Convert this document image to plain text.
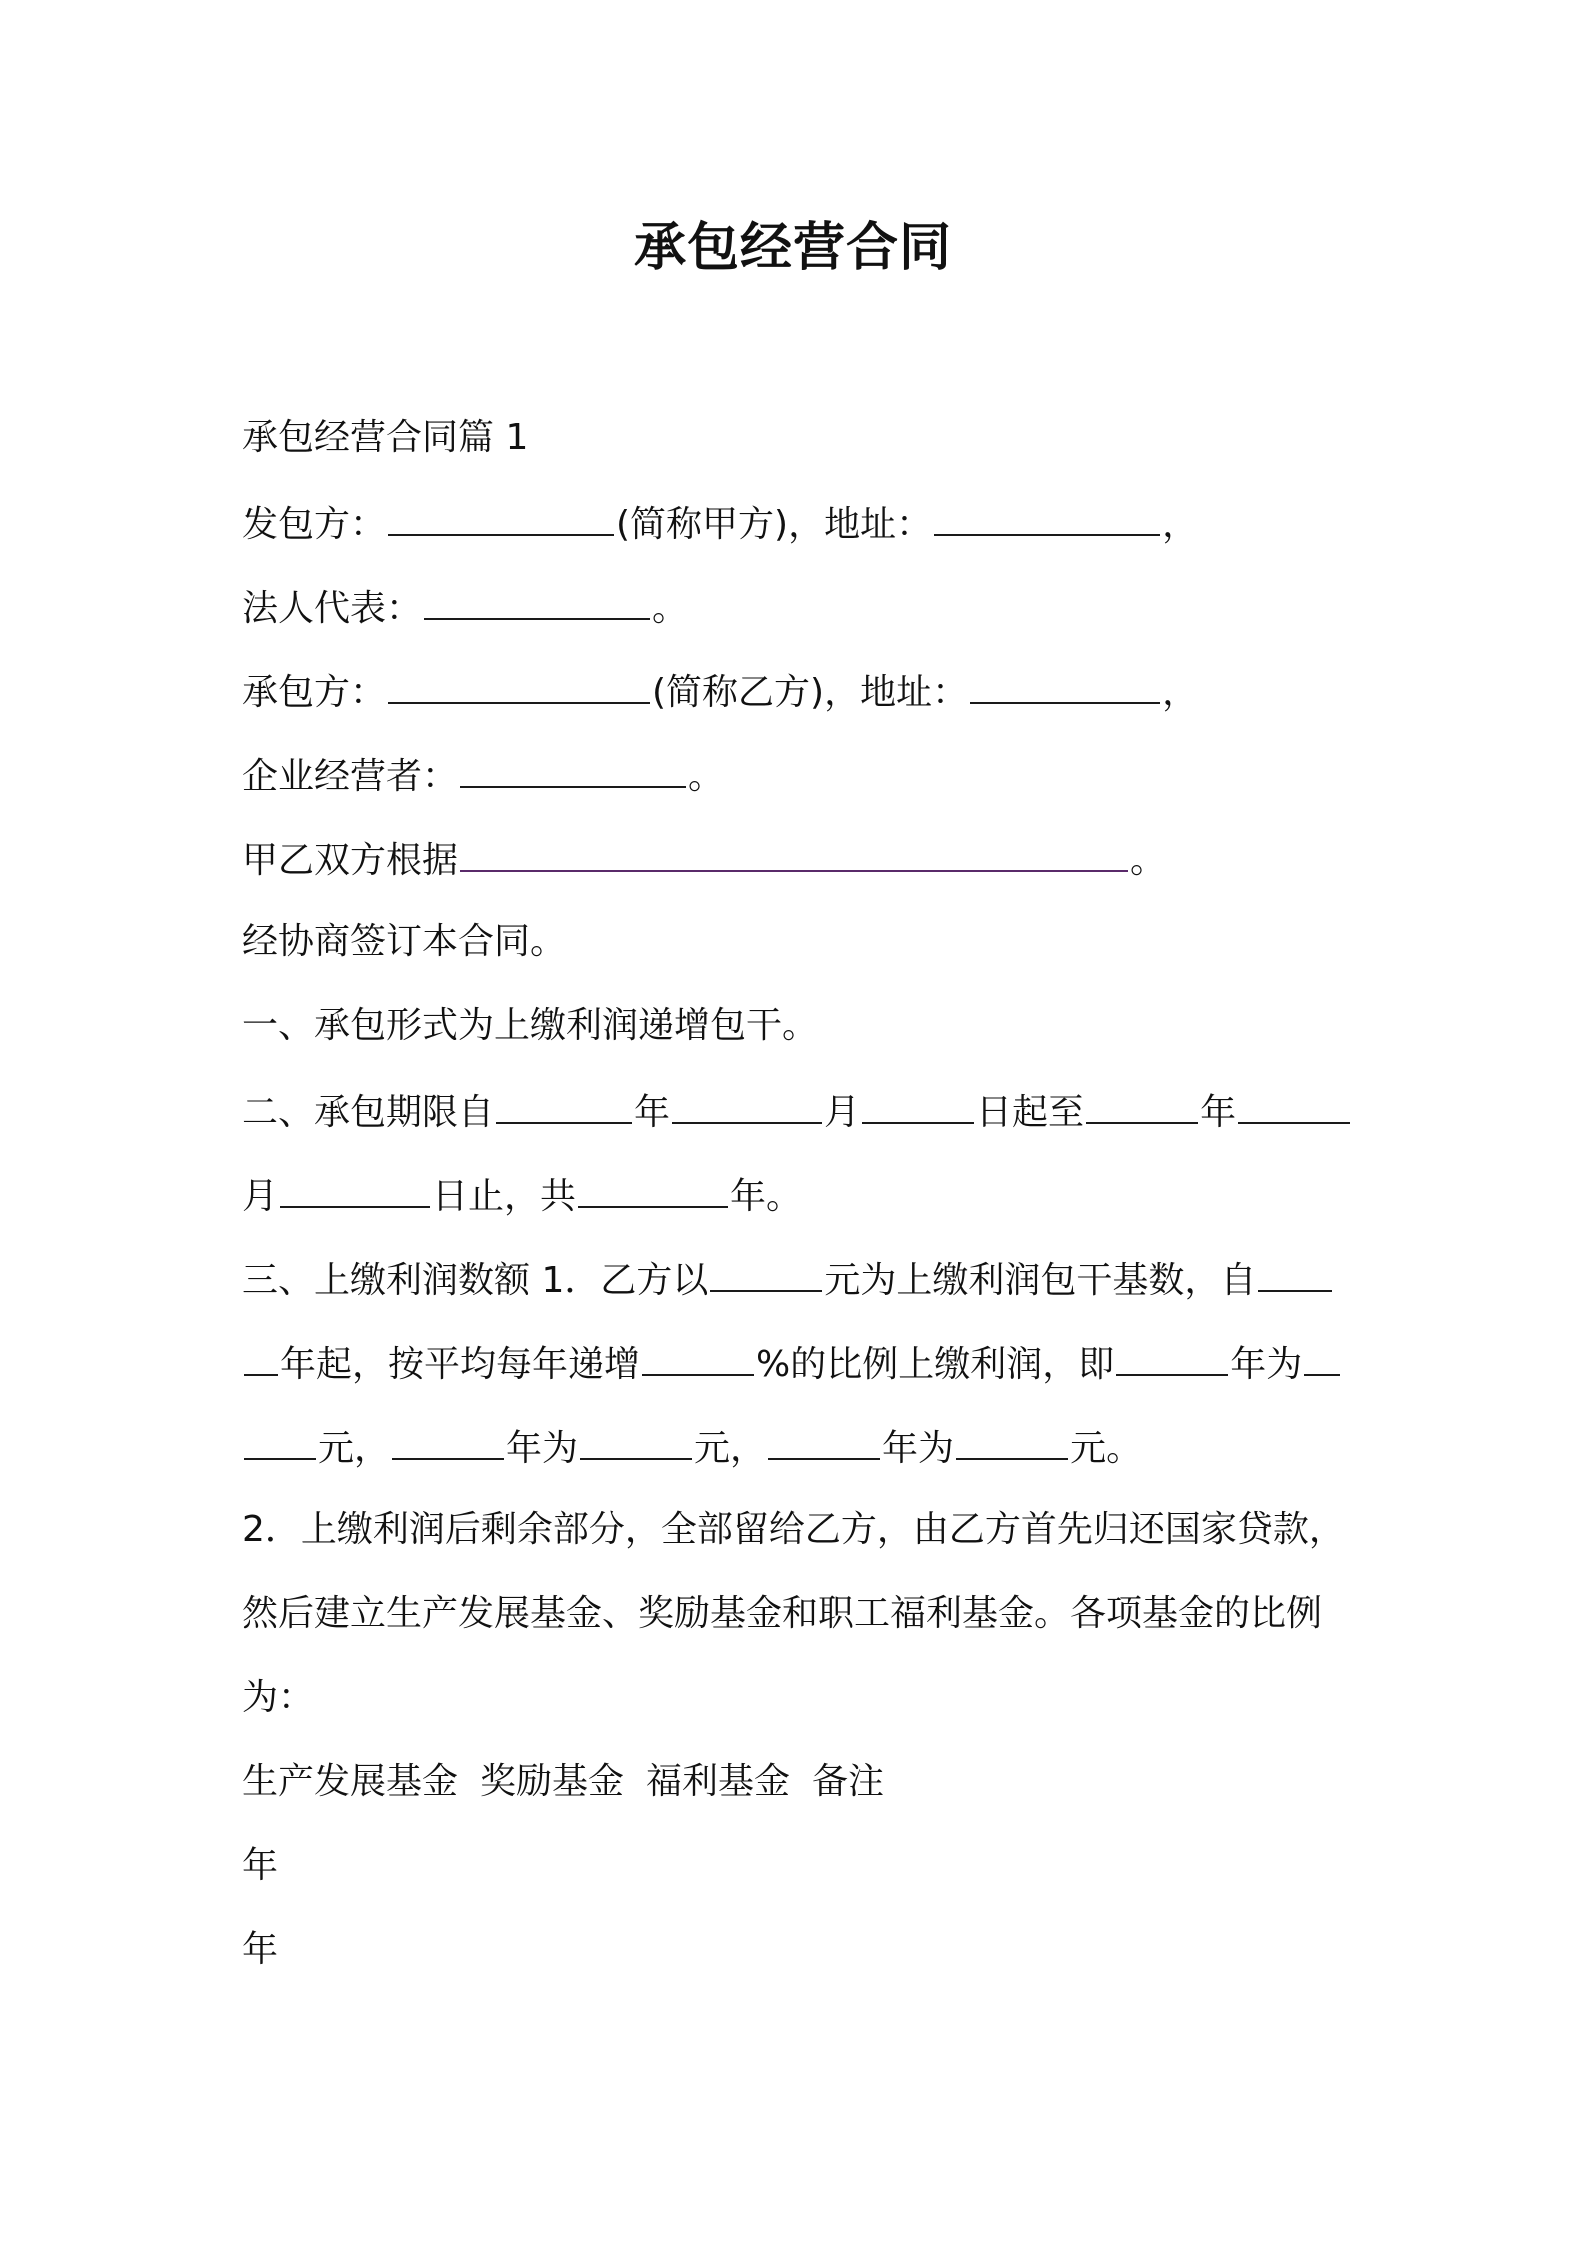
承包经营合同
承包经营合同篇 1
发包方：	(简称甲方)，地址：	，
法人代表：	。
承包方：	(简称乙方)，地址：	，
企业经营者：	。
甲乙双方根据	。
经协商签订本合同。
一、承包形式为上缴利润递增包干。
二、承包期限自	年	月	日起至	年
月	日止，共	年。
三、上缴利润数额 1．乙方以	元为上缴利润包干基数，自
年起，按平均每年递增	%的比例上缴利润，即	年为
元，	年为	元，	年为	元。
2．上缴利润后剩余部分，全部留给乙方，由乙方首先归还国家贷款，
然后建立生产发展基金、奖励基金和职工福利基金。各项基金的比例
为：
生产发展基金 奖励基金 福利基金 备注
年
年
